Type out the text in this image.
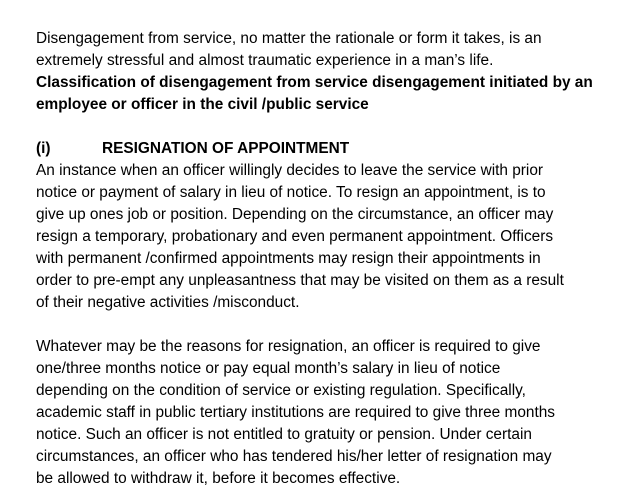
Disengagement from service, no matter the rationale or form it takes, is an
extremely stressful and almost traumatic experience in a man’s life.
Classification of disengagement from service disengagement initiated by an
employee or officer in the civil /public service
(i)	RESIGNATION OF APPOINTMENT
An instance when an officer willingly decides to leave the service with prior
notice or payment of salary in lieu of notice. To resign an appointment, is to
give up ones job or position. Depending on the circumstance, an officer may
resign a temporary, probationary and even permanent appointment. Officers
with permanent /confirmed appointments may resign their appointments in
order to pre-empt any unpleasantness that may be visited on them as a result
of their negative activities /misconduct.
Whatever may be the reasons for resignation, an officer is required to give
one/three months notice or pay equal month’s salary in lieu of notice
depending on the condition of service or existing regulation. Specifically,
academic staff in public tertiary institutions are required to give three months
notice. Such an officer is not entitled to gratuity or pension. Under certain
circumstances, an officer who has tendered his/her letter of resignation may
be allowed to withdraw it, before it becomes effective.
